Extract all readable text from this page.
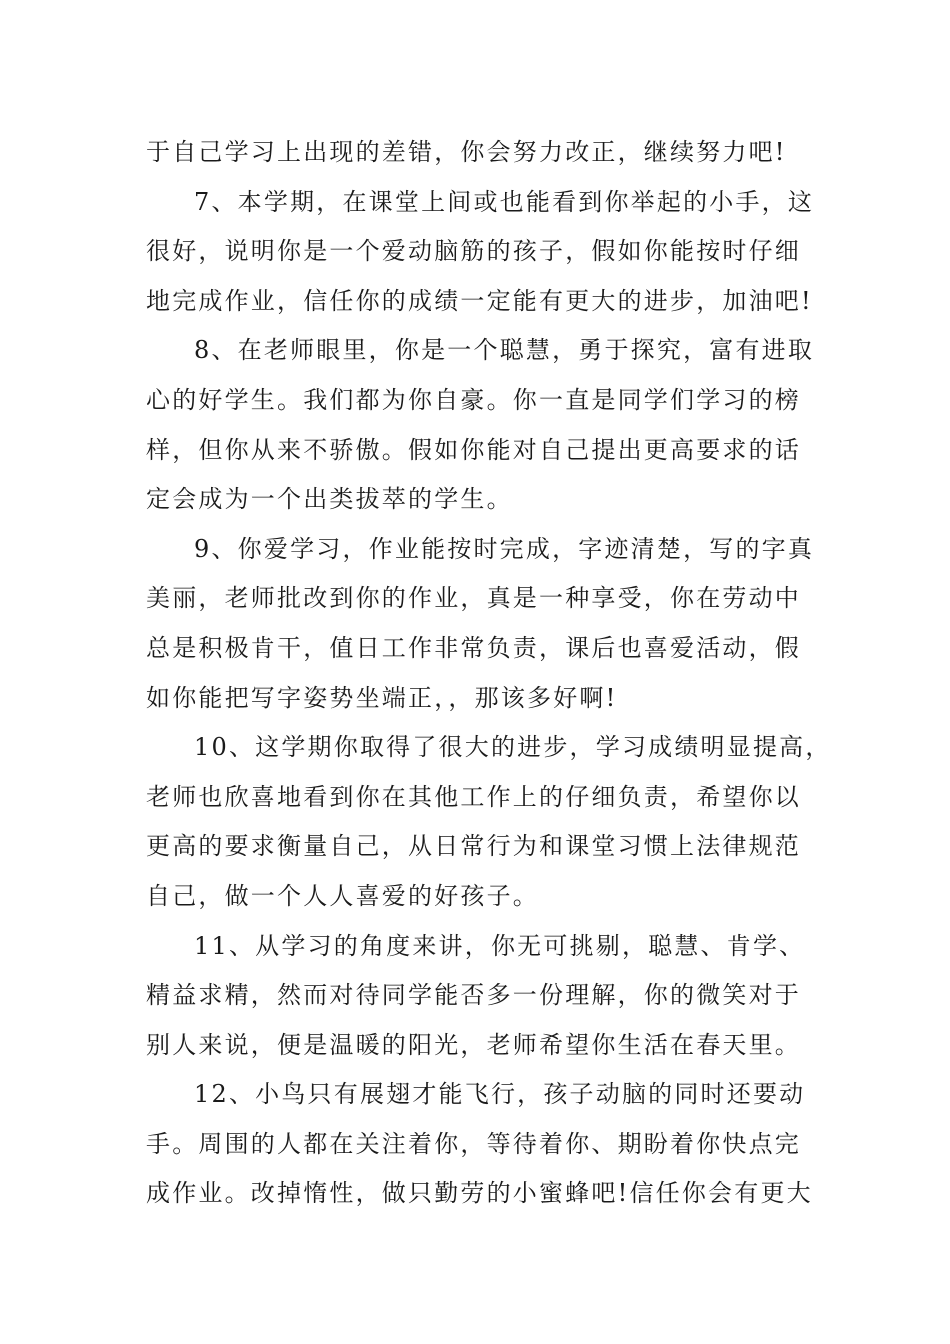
于自己学习上出现的差错，你会努力改正，继续努力吧!
7、本学期，在课堂上间或也能看到你举起的小手，这
很好，说明你是一个爱动脑筋的孩子，假如你能按时仔细
地完成作业，信任你的成绩一定能有更大的进步，加油吧!
8、在老师眼里，你是一个聪慧，勇于探究，富有进取
心的好学生。我们都为你自豪。你一直是同学们学习的榜
样，但你从来不骄傲。假如你能对自己提出更高要求的话
定会成为一个出类拔萃的学生。
9、你爱学习，作业能按时完成，字迹清楚，写的字真
美丽，老师批改到你的作业，真是一种享受，你在劳动中
总是积极肯干，值日工作非常负责，课后也喜爱活动，假
如你能把写字姿势坐端正，，那该多好啊!
10、这学期你取得了很大的进步，学习成绩明显提高，
老师也欣喜地看到你在其他工作上的仔细负责，希望你以
更高的要求衡量自己，从日常行为和课堂习惯上法律规范
自己，做一个人人喜爱的好孩子。
11、从学习的角度来讲，你无可挑剔，聪慧、肯学、
精益求精，然而对待同学能否多一份理解，你的微笑对于
别人来说，便是温暖的阳光，老师希望你生活在春天里。
12、小鸟只有展翅才能飞行，孩子动脑的同时还要动
手。周围的人都在关注着你，等待着你、期盼着你快点完
成作业。改掉惰性，做只勤劳的小蜜蜂吧!信任你会有更大
